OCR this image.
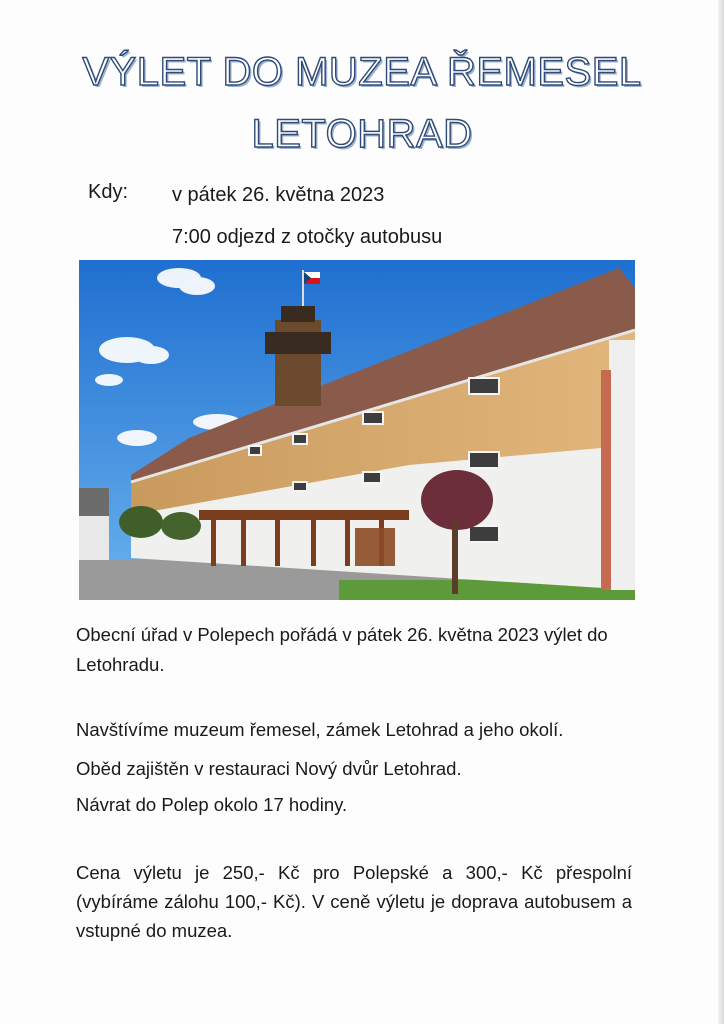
VÝLET DO MUZEA ŘEMESEL
LETOHRAD
Kdy: v pátek 26. května 2023
7:00 odjezd z otočky autobusu
Obecní úřad v Polepech pořádá v pátek 26. května 2023 výlet do Letohradu.
Navštívíme muzeum řemesel, zámek Letohrad a jeho okolí.
Oběd zajištěn v restauraci Nový dvůr Letohrad.
Návrat do Polep okolo 17 hodiny.
Cena výletu je 250,- Kč pro Polepské a 300,- Kč přespolní (vybíráme zálohu 100,- Kč). V ceně výletu je doprava autobusem a vstupné do muzea.
